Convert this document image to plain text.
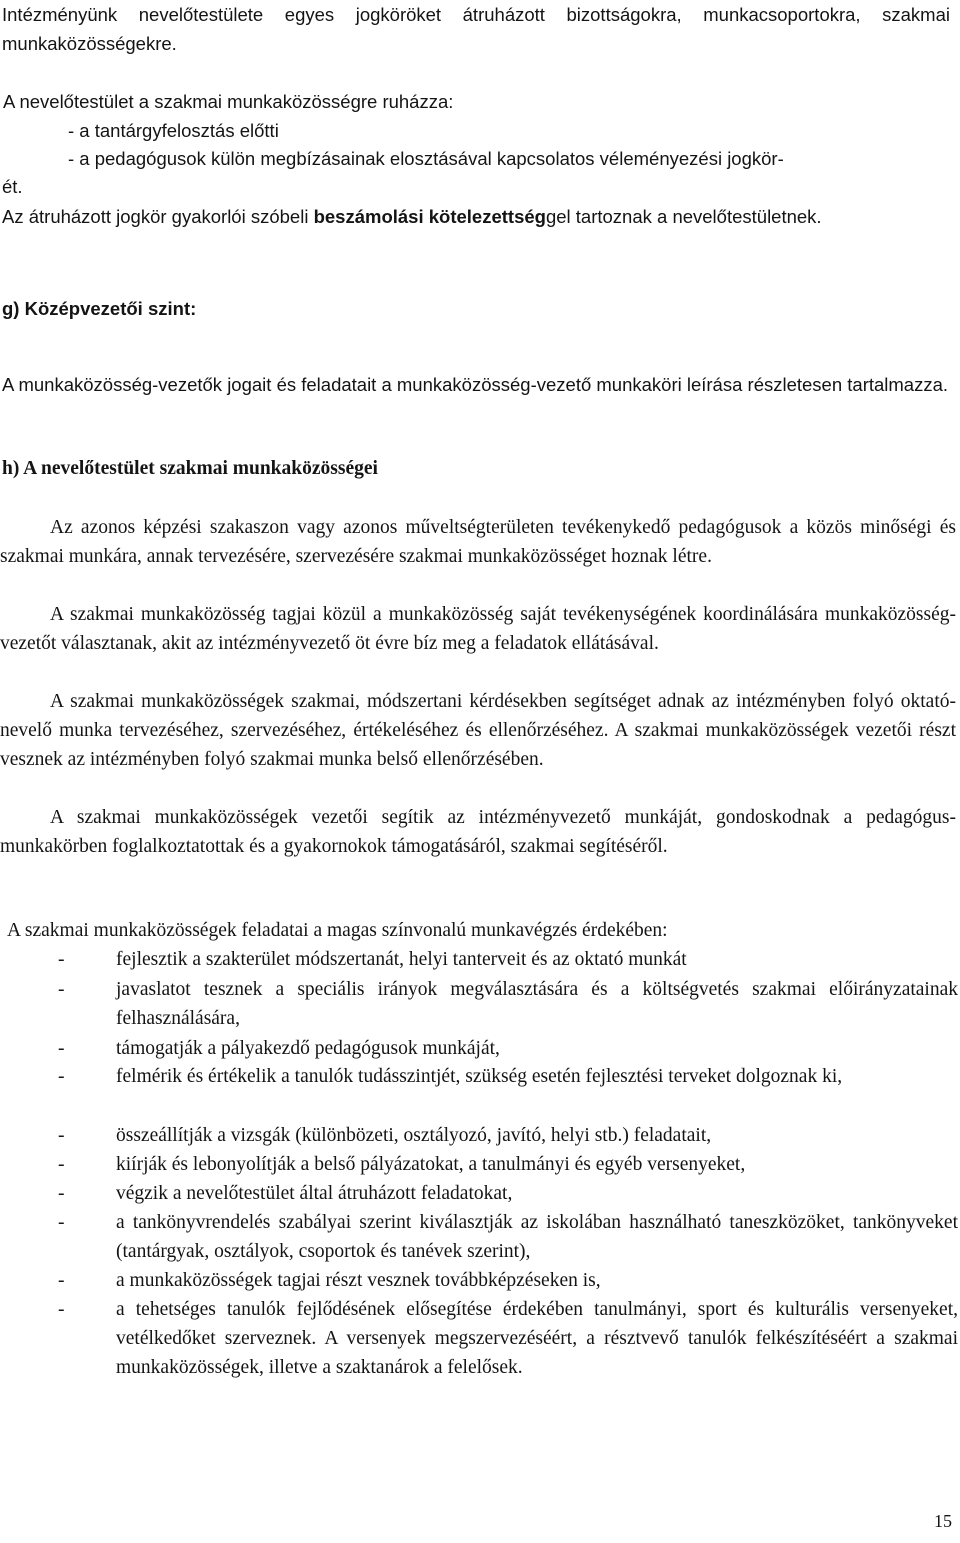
Intézményünk nevelőtestülete egyes jogköröket átruházott bizottságokra, munkacsoportokra, szakmai munkaközösségekre.

A nevelőtestület a szakmai munkaközösségre ruházza:

- a tantárgyfelosztás előtti

- a pedagógusok külön megbízásainak elosztásával kapcsolatos véleményezési jogkör-

ét.

Az átruházott jogkör gyakorlói szóbeli beszámolási kötelezettséggel tartoznak a nevelőtestületnek.

g) Középvezetői szint:

A munkaközösség-vezetők jogait és feladatait a munkaközösség-vezető munkaköri leírása részletesen tartalmazza.

h) A nevelőtestület szakmai munkaközösségei

Az azonos képzési szakaszon vagy azonos műveltségterületen tevékenykedő pedagógusok a közös minőségi és szakmai munkára, annak tervezésére, szervezésére szakmai munkaközösséget hoznak létre.

A szakmai munkaközösség tagjai közül a munkaközösség saját tevékenységének koordinálására munkaközösség-vezetőt választanak, akit az intézményvezető öt évre bíz meg a feladatok ellátásával.

A szakmai munkaközösségek szakmai, módszertani kérdésekben segítséget adnak az intézményben folyó oktató-nevelő munka tervezéséhez, szervezéséhez, értékeléséhez és ellenőrzéséhez. A szakmai munkaközösségek vezetői részt vesznek az intézményben folyó szakmai munka belső ellenőrzésében.

A szakmai munkaközösségek vezetői segítik az intézményvezető munkáját, gondoskodnak a pedagógus-munkakörben foglalkoztatottak és a gyakornokok támogatásáról, szakmai segítéséről.

A szakmai munkaközösségek feladatai a magas színvonalú munkavégzés érdekében:

-	fejlesztik a szakterület módszertanát, helyi tanterveit és az oktató munkát
-	javaslatot tesznek a speciális irányok megválasztására és a költségvetés szakmai előirányzatainak felhasználására,
-	támogatják a pályakezdő pedagógusok munkáját,
-	felmérik és értékelik a tanulók tudásszintjét, szükség esetén fejlesztési terveket dolgoznak ki,
-	összeállítják a vizsgák (különbözeti, osztályozó, javító, helyi stb.) feladatait,
-	kiírják és lebonyolítják a belső pályázatokat, a tanulmányi és egyéb versenyeket,
-	végzik a nevelőtestület által átruházott feladatokat,
-	a tankönyvrendelés szabályai szerint kiválasztják az iskolában használható taneszközöket, tankönyveket (tantárgyak, osztályok, csoportok és tanévek szerint),
-	a munkaközösségek tagjai részt vesznek továbbképzéseken is,
-	a tehetséges tanulók fejlődésének elősegítése érdekében tanulmányi, sport és kulturális versenyeket, vetélkedőket szerveznek. A versenyek megszervezéséért, a résztvevő tanulók felkészítéséért a szakmai munkaközösségek, illetve a szaktanárok a felelősek.
15
